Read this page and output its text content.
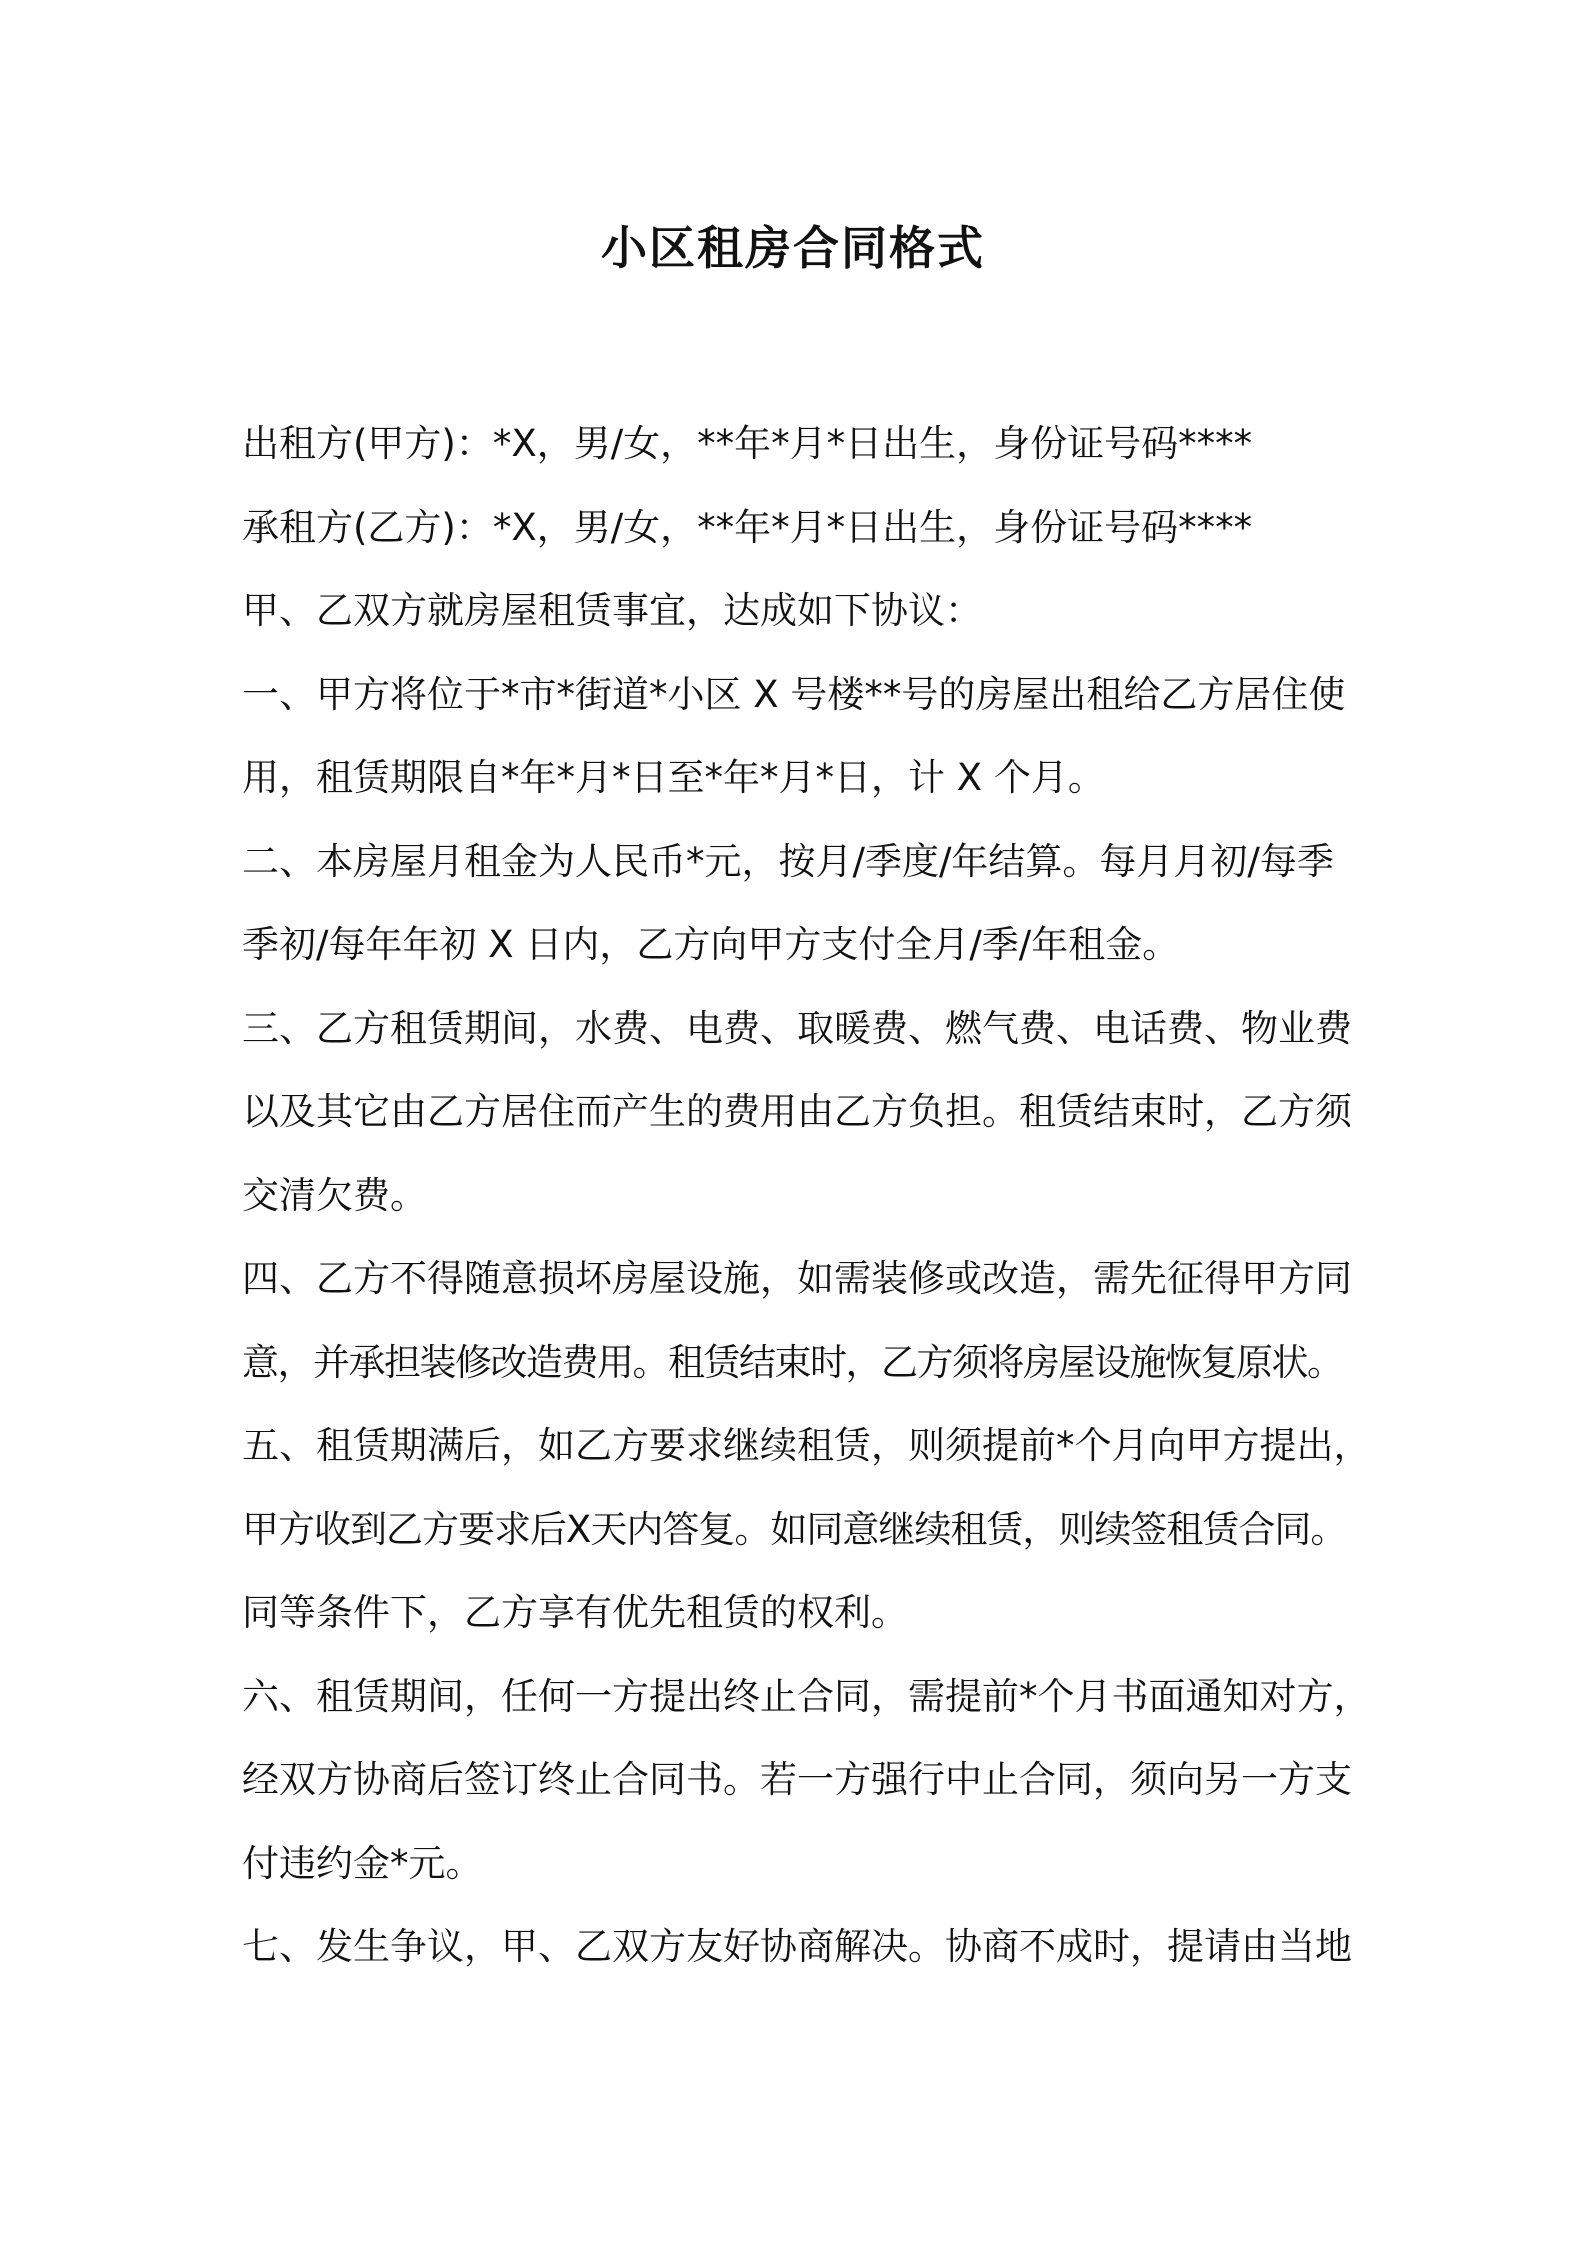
小区租房合同格式
出租方(甲方)：*X，男/女，**年*月*日出生，身份证号码****
承租方(乙方)：*X，男/女，**年*月*日出生，身份证号码****
甲、乙双方就房屋租赁事宜，达成如下协议：
一、甲方将位于*市*街道*小区 X 号楼**号的房屋出租给乙方居住使
用，租赁期限自*年*月*日至*年*月*日，计 X 个月。
二、本房屋月租金为人民币*元，按月/季度/年结算。每月月初/每季
季初/每年年初 X 日内，乙方向甲方支付全月/季/年租金。
三、乙方租赁期间，水费、电费、取暖费、燃气费、电话费、物业费
以及其它由乙方居住而产生的费用由乙方负担。租赁结束时，乙方须
交清欠费。
四、乙方不得随意损坏房屋设施，如需装修或改造，需先征得甲方同
意，并承担装修改造费用。租赁结束时，乙方须将房屋设施恢复原状。
五、租赁期满后，如乙方要求继续租赁，则须提前*个月向甲方提出，
甲方收到乙方要求后X天内答复。如同意继续租赁，则续签租赁合同。
同等条件下，乙方享有优先租赁的权利。
六、租赁期间，任何一方提出终止合同，需提前*个月书面通知对方，
经双方协商后签订终止合同书。若一方强行中止合同，须向另一方支
付违约金*元。
七、发生争议，甲、乙双方友好协商解决。协商不成时，提请由当地
